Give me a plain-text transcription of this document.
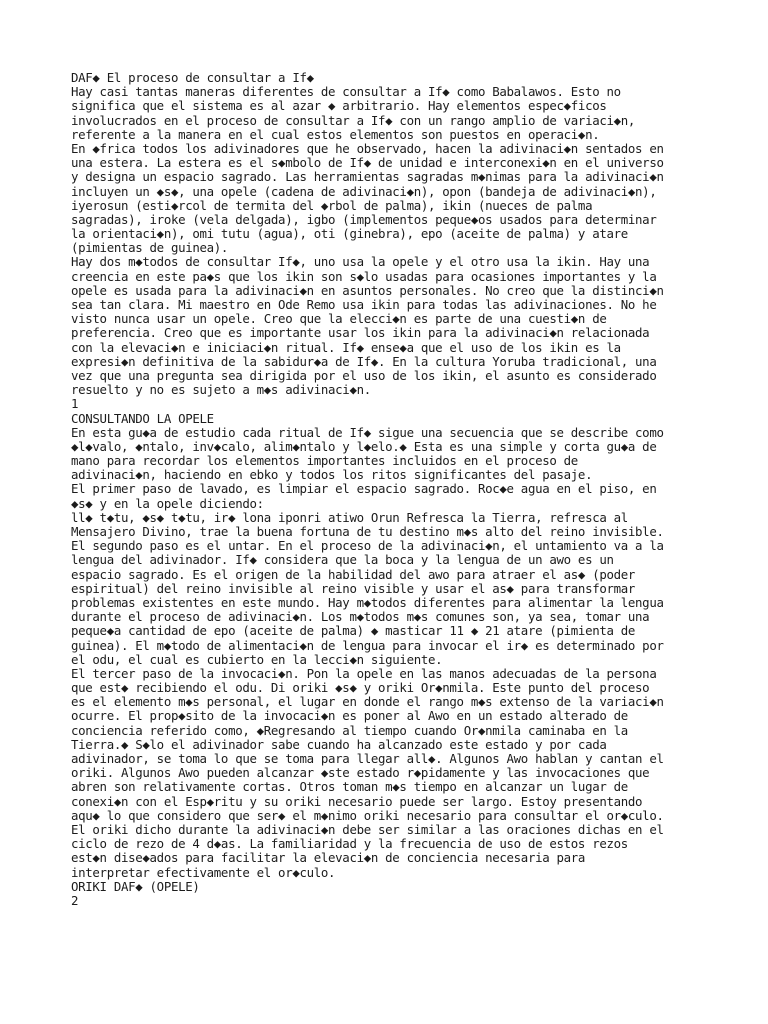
DAF◆ El proceso de consultar a If◆
Hay casi tantas maneras diferentes de consultar a If◆ como Babalawos. Esto no
significa que el sistema es al azar ◆ arbitrario. Hay elementos espec◆ficos
involucrados en el proceso de consultar a If◆ con un rango amplio de variaci◆n,
referente a la manera en el cual estos elementos son puestos en operaci◆n.
En ◆frica todos los adivinadores que he observado, hacen la adivinaci◆n sentados en
una estera. La estera es el s◆mbolo de If◆ de unidad e interconexi◆n en el universo
y designa un espacio sagrado. Las herramientas sagradas m◆nimas para la adivinaci◆n
incluyen un ◆s◆, una opele (cadena de adivinaci◆n), opon (bandeja de adivinaci◆n),
iyerosun (esti◆rcol de termita del ◆rbol de palma), ikin (nueces de palma
sagradas), iroke (vela delgada), igbo (implementos peque◆os usados para determinar
la orientaci◆n), omi tutu (agua), oti (ginebra), epo (aceite de palma) y atare
(pimientas de guinea).
Hay dos m◆todos de consultar If◆, uno usa la opele y el otro usa la ikin. Hay una
creencia en este pa◆s que los ikin son s◆lo usadas para ocasiones importantes y la
opele es usada para la adivinaci◆n en asuntos personales. No creo que la distinci◆n
sea tan clara. Mi maestro en Ode Remo usa ikin para todas las adivinaciones. No he
visto nunca usar un opele. Creo que la elecci◆n es parte de una cuesti◆n de
preferencia. Creo que es importante usar los ikin para la adivinaci◆n relacionada
con la elevaci◆n e iniciaci◆n ritual. If◆ ense◆a que el uso de los ikin es la
expresi◆n definitiva de la sabidur◆a de If◆. En la cultura Yoruba tradicional, una
vez que una pregunta sea dirigida por el uso de los ikin, el asunto es considerado
resuelto y no es sujeto a m◆s adivinaci◆n.
1
CONSULTANDO LA OPELE
En esta gu◆a de estudio cada ritual de If◆ sigue una secuencia que se describe como
◆l◆valo, ◆ntalo, inv◆calo, alim◆ntalo y l◆elo.◆ Esta es una simple y corta gu◆a de
mano para recordar los elementos importantes incluidos en el proceso de
adivinaci◆n, haciendo en ebko y todos los ritos significantes del pasaje.
El primer paso de lavado, es limpiar el espacio sagrado. Roc◆e agua en el piso, en
◆s◆ y en la opele diciendo:
ll◆ t◆tu, ◆s◆ t◆tu, ir◆ lona iponri atiwo Orun Refresca la Tierra, refresca al
Mensajero Divino, trae la buena fortuna de tu destino m◆s alto del reino invisible.
El segundo paso es el untar. En el proceso de la adivinaci◆n, el untamiento va a la
lengua del adivinador. If◆ considera que la boca y la lengua de un awo es un
espacio sagrado. Es el origen de la habilidad del awo para atraer el as◆ (poder
espiritual) del reino invisible al reino visible y usar el as◆ para transformar
problemas existentes en este mundo. Hay m◆todos diferentes para alimentar la lengua
durante el proceso de adivinaci◆n. Los m◆todos m◆s comunes son, ya sea, tomar una
peque◆a cantidad de epo (aceite de palma) ◆ masticar 11 ◆ 21 atare (pimienta de
guinea). El m◆todo de alimentaci◆n de lengua para invocar el ir◆ es determinado por
el odu, el cual es cubierto en la lecci◆n siguiente.
El tercer paso de la invocaci◆n. Pon la opele en las manos adecuadas de la persona
que est◆ recibiendo el odu. Di oriki ◆s◆ y oriki Or◆nmila. Este punto del proceso
es el elemento m◆s personal, el lugar en donde el rango m◆s extenso de la variaci◆n
ocurre. El prop◆sito de la invocaci◆n es poner al Awo en un estado alterado de
conciencia referido como, ◆Regresando al tiempo cuando Or◆nmila caminaba en la
Tierra.◆ S◆lo el adivinador sabe cuando ha alcanzado este estado y por cada
adivinador, se toma lo que se toma para llegar all◆. Algunos Awo hablan y cantan el
oriki. Algunos Awo pueden alcanzar ◆ste estado r◆pidamente y las invocaciones que
abren son relativamente cortas. Otros toman m◆s tiempo en alcanzar un lugar de
conexi◆n con el Esp◆ritu y su oriki necesario puede ser largo. Estoy presentando
aqu◆ lo que considero que ser◆ el m◆nimo oriki necesario para consultar el or◆culo.
El oriki dicho durante la adivinaci◆n debe ser similar a las oraciones dichas en el
ciclo de rezo de 4 d◆as. La familiaridad y la frecuencia de uso de estos rezos
est◆n dise◆ados para facilitar la elevaci◆n de conciencia necesaria para
interpretar efectivamente el or◆culo.
ORIKI DAF◆ (OPELE)
2
